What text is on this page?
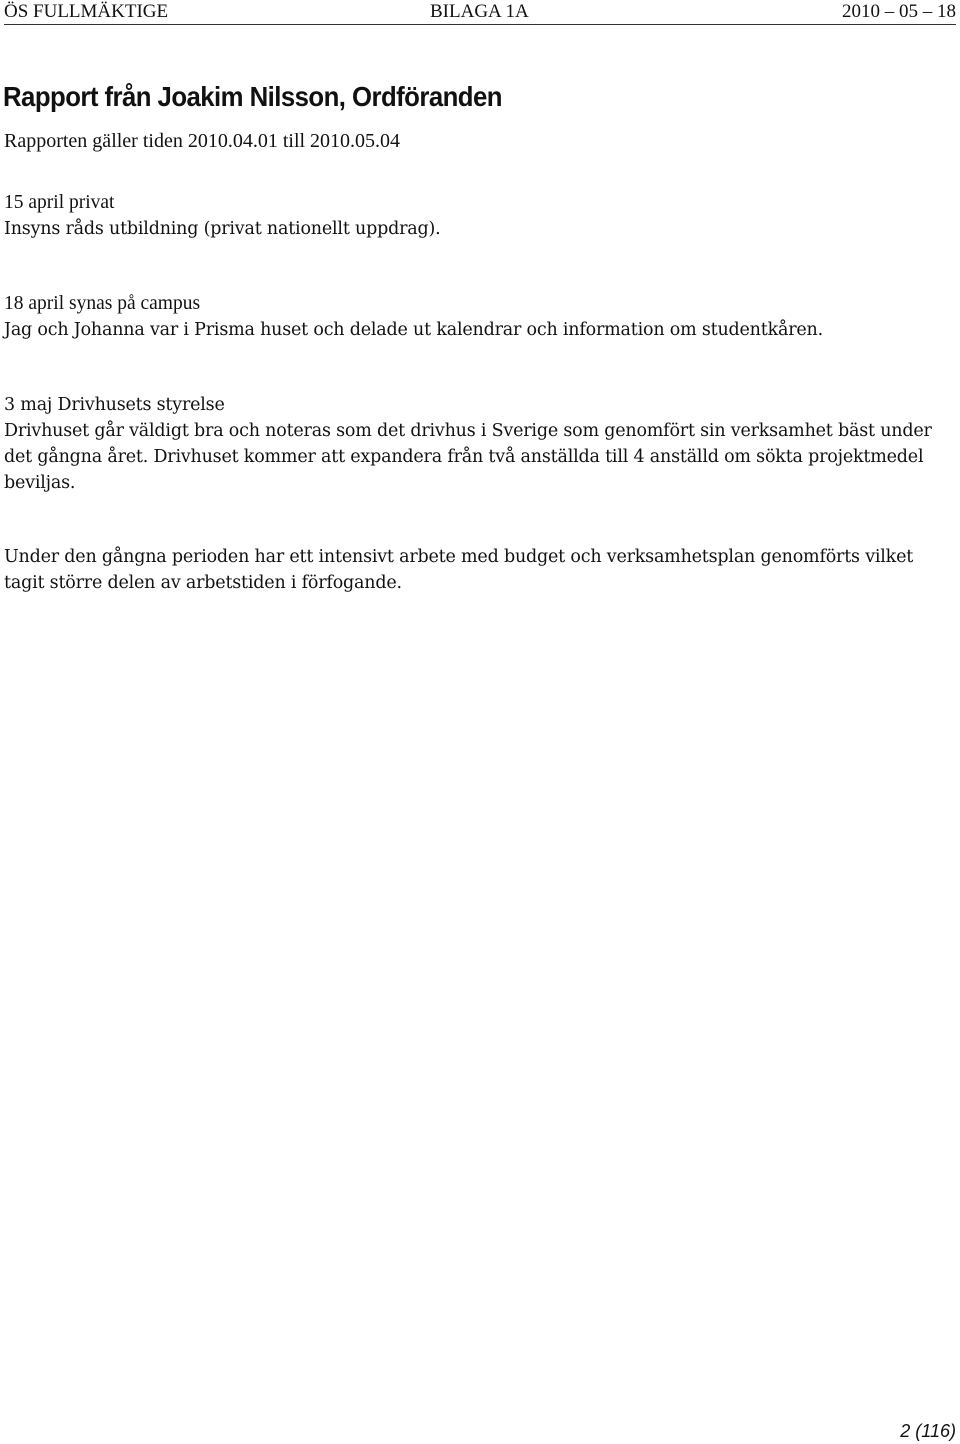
ÖS FULLMÄKTIGE	BILAGA 1A	2010 – 05 – 18
Rapport från Joakim Nilsson, Ordföranden
Rapporten gäller tiden 2010.04.01 till 2010.05.04
15 april privat
Insyns råds utbildning (privat nationellt uppdrag).
18 april synas på campus
Jag och Johanna var i Prisma huset och delade ut kalendrar och information om studentkåren.
3 maj Drivhusets styrelse
Drivhuset går väldigt bra och noteras som det drivhus i Sverige som genomfört sin verksamhet bäst under det gångna året. Drivhuset kommer att expandera från två anställda till 4 anställd om sökta projektmedel beviljas.
Under den gångna perioden har ett intensivt arbete med budget och verksamhetsplan genomförts vilket tagit större delen av arbetstiden i förfogande.
2 (116)
